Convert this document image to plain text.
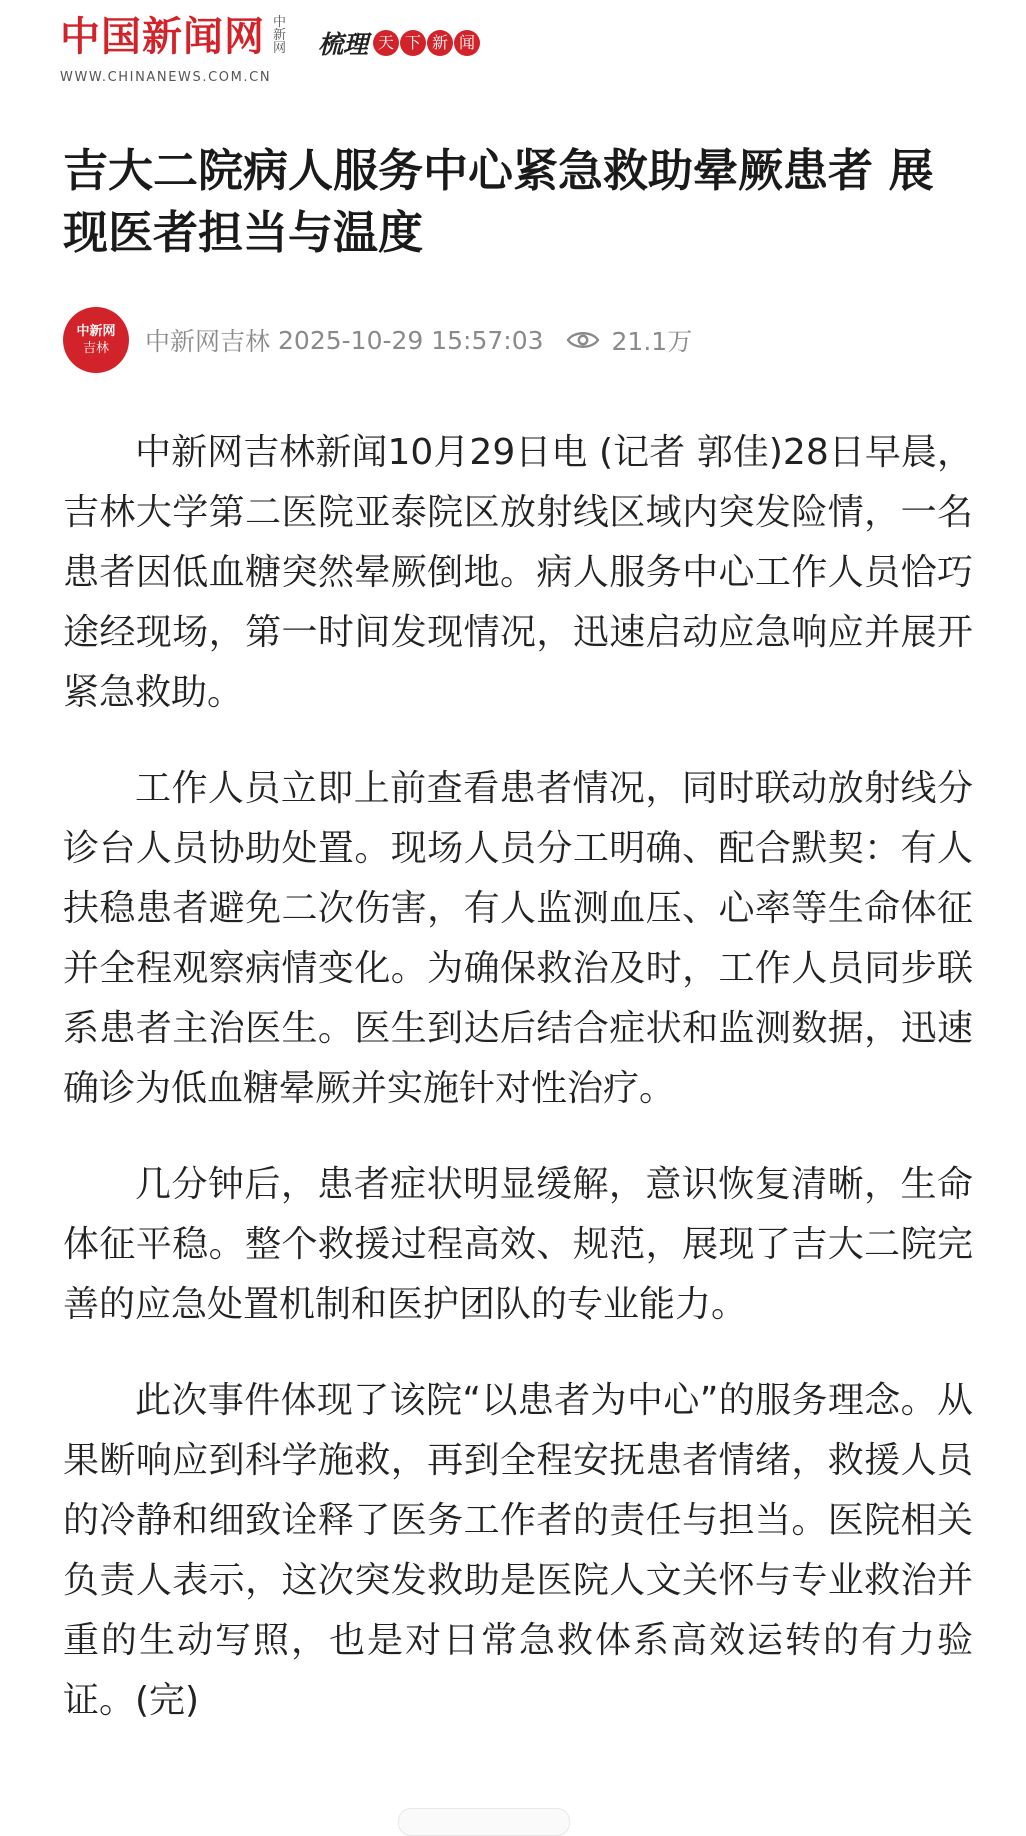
中国新闻网 中新网
WWW.CHINANEWS.COM.CN
梳理 天 下 新 闻
吉大二院病人服务中心紧急救助晕厥患者 展现医者担当与温度
中新网
吉林 中新网吉林 2025-10-29 15:57:03	21.1万

中新网吉林新闻10月29日电 (记者 郭佳)28日早晨，吉林大学第二医院亚泰院区放射线区域内突发险情，一名患者因低血糖突然晕厥倒地。病人服务中心工作人员恰巧途经现场，第一时间发现情况，迅速启动应急响应并展开紧急救助。

工作人员立即上前查看患者情况，同时联动放射线分诊台人员协助处置。现场人员分工明确、配合默契：有人扶稳患者避免二次伤害，有人监测血压、心率等生命体征并全程观察病情变化。为确保救治及时，工作人员同步联系患者主治医生。医生到达后结合症状和监测数据，迅速确诊为低血糖晕厥并实施针对性治疗。

几分钟后，患者症状明显缓解，意识恢复清晰，生命体征平稳。整个救援过程高效、规范，展现了吉大二院完善的应急处置机制和医护团队的专业能力。

此次事件体现了该院“以患者为中心”的服务理念。从果断响应到科学施救，再到全程安抚患者情绪，救援人员的冷静和细致诠释了医务工作者的责任与担当。医院相关负责人表示，这次突发救助是医院人文关怀与专业救治并重的生动写照，也是对日常急救体系高效运转的有力验证。(完)
